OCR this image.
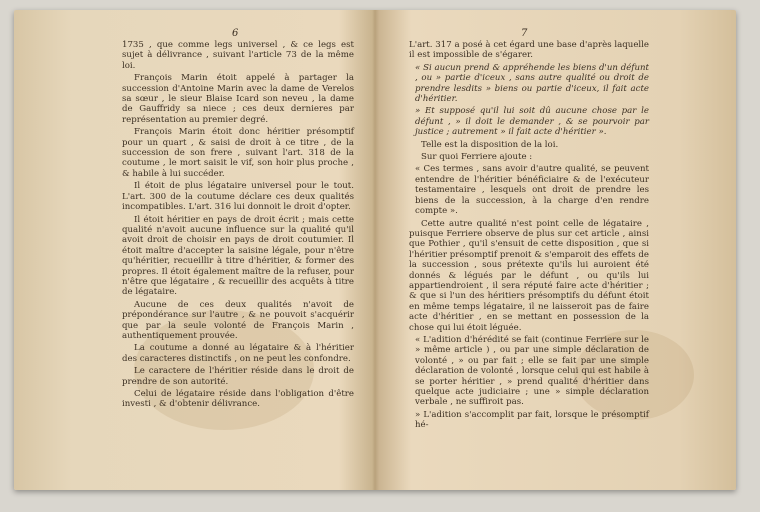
6

1735 , que comme legs universel , & ce legs est sujet à délivrance , suivant l'article 73 de la même loi.

François Marin étoit appelé à partager la succession d'Antoine Marin avec la dame de Verelos sa sœur , le sieur Blaise Icard son neveu , la dame de Gauffridy sa niece ; ces deux dernieres par représentation au premier degré.

François Marin étoit donc héritier présomptif pour un quart , & saisi de droit à ce titre , de la succession de son frere , suivant l'art. 318 de la coutume , le mort saisit le vif, son hoir plus proche , & habile à lui succéder.

Il étoit de plus légataire universel pour le tout. L'art. 300 de la coutume déclare ces deux qualités incompatibles. L'art. 316 lui donnoit le droit d'opter.

Il étoit héritier en pays de droit écrit ; mais cette qualité n'avoit aucune influence sur la qualité qu'il avoit droit de choisir en pays de droit coutumier. Il étoit maître d'accepter la saisine légale, pour n'être qu'héritier, recueillir à titre d'héritier, & former des propres. Il étoit également maître de la refuser, pour n'être que légataire , & recueillir des acquêts à titre de légataire.

Aucune de ces deux qualités n'avoit de prépondérance sur l'autre , & ne pouvoit s'acquérir que par la seule volonté de François Marin , authentiquement prouvée.

La coutume a donné au légataire & à l'héritier des caracteres distinctifs , on ne peut les confondre.

Le caractere de l'héritier réside dans le droit de prendre de son autorité.

Celui de légataire réside dans l'obligation d'être investi , & d'obtenir délivrance.

7

L'art. 317 a posé à cet égard une base d'après laquelle il est impossible de s'égarer.

« Si aucun prend & appréhende les biens d'un défunt , ou » partie d'iceux , sans autre qualité ou droit de prendre lesdits » biens ou partie d'iceux, il fait acte d'héritier.

» Et supposé qu'il lui soit dû aucune chose par le défunt , » il doit le demander , & se pourvoir par justice ; autrement » il fait acte d'héritier ».

Telle est la disposition de la loi.

Sur quoi Ferriere ajoute :

« Ces termes , sans avoir d'autre qualité, se peuvent entendre de l'héritier bénéficiaire & de l'exécuteur testamentaire , lesquels ont droit de prendre les biens de la succession, à la charge d'en rendre compte ».

Cette autre qualité n'est point celle de légataire , puisque Ferriere observe de plus sur cet article , ainsi que Pothier , qu'il s'ensuit de cette disposition , que si l'héritier présomptif prenoit & s'emparoit des effets de la succession , sous prétexte qu'ils lui auroient été donnés & légués par le défunt , ou qu'ils lui appartiendroient , il sera réputé faire acte d'héritier ; & que si l'un des héritiers présomptifs du défunt étoit en même temps légataire, il ne laisseroit pas de faire acte d'héritier , en se mettant en possession de la chose qui lui étoit léguée.

« L'adition d'hérédité se fait (continue Ferriere sur le » même article ) , ou par une simple déclaration de volonté , » ou par fait ; elle se fait par une simple déclaration de volonté , lorsque celui qui est habile à se porter héritier , » prend qualité d'héritier dans quelque acte judiciaire ; une » simple déclaration verbale , ne suffiroit pas.

» L'adition s'accomplit par fait, lorsque le présomptif hé-
